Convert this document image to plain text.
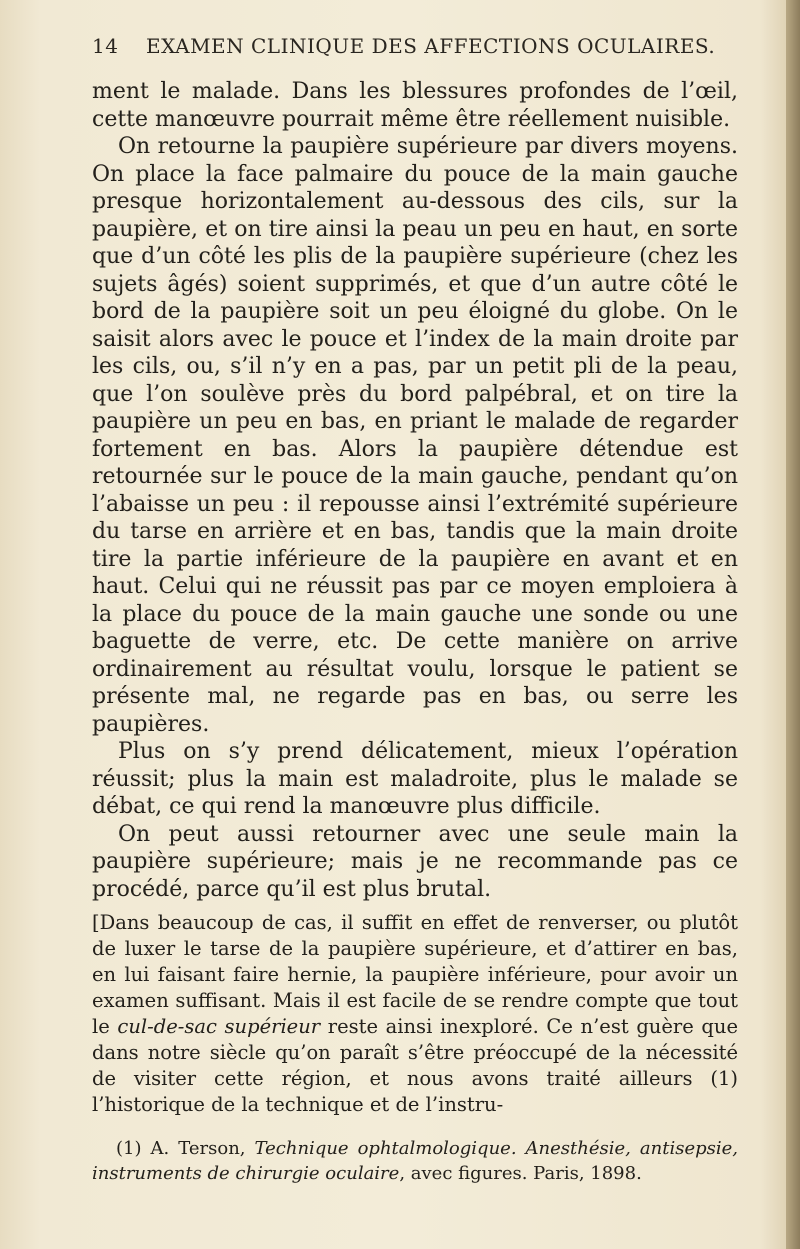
14 EXAMEN CLINIQUE DES AFFECTIONS OCULAIRES.

ment le malade. Dans les blessures profondes de l’œil, cette manœuvre pourrait même être réellement nuisible.

On retourne la paupière supérieure par divers moyens. On place la face palmaire du pouce de la main gauche presque horizontalement au-dessous des cils, sur la paupière, et on tire ainsi la peau un peu en haut, en sorte que d’un côté les plis de la paupière supérieure (chez les sujets âgés) soient supprimés, et que d’un autre côté le bord de la paupière soit un peu éloigné du globe. On le saisit alors avec le pouce et l’index de la main droite par les cils, ou, s’il n’y en a pas, par un petit pli de la peau, que l’on soulève près du bord palpébral, et on tire la paupière un peu en bas, en priant le malade de regarder fortement en bas. Alors la paupière détendue est retournée sur le pouce de la main gauche, pendant qu’on l’abaisse un peu : il repousse ainsi l’extrémité supérieure du tarse en arrière et en bas, tandis que la main droite tire la partie inférieure de la paupière en avant et en haut. Celui qui ne réussit pas par ce moyen emploiera à la place du pouce de la main gauche une sonde ou une baguette de verre, etc. De cette manière on arrive ordinairement au résultat voulu, lorsque le patient se présente mal, ne regarde pas en bas, ou serre les paupières.

Plus on s’y prend délicatement, mieux l’opération réussit; plus la main est maladroite, plus le malade se débat, ce qui rend la manœuvre plus difficile.

On peut aussi retourner avec une seule main la paupière supérieure; mais je ne recommande pas ce procédé, parce qu’il est plus brutal.

[Dans beaucoup de cas, il suffit en effet de renverser, ou plutôt de luxer le tarse de la paupière supérieure, et d’attirer en bas, en lui faisant faire hernie, la paupière inférieure, pour avoir un examen suffisant. Mais il est facile de se rendre compte que tout le cul-de-sac supérieur reste ainsi inexploré. Ce n’est guère que dans notre siècle qu’on paraît s’être préoccupé de la nécessité de visiter cette région, et nous avons traité ailleurs (1) l’historique de la technique et de l’instru-

(1) A. Terson, Technique ophtalmologique. Anesthésie, antisepsie, instruments de chirurgie oculaire, avec figures. Paris, 1898.
